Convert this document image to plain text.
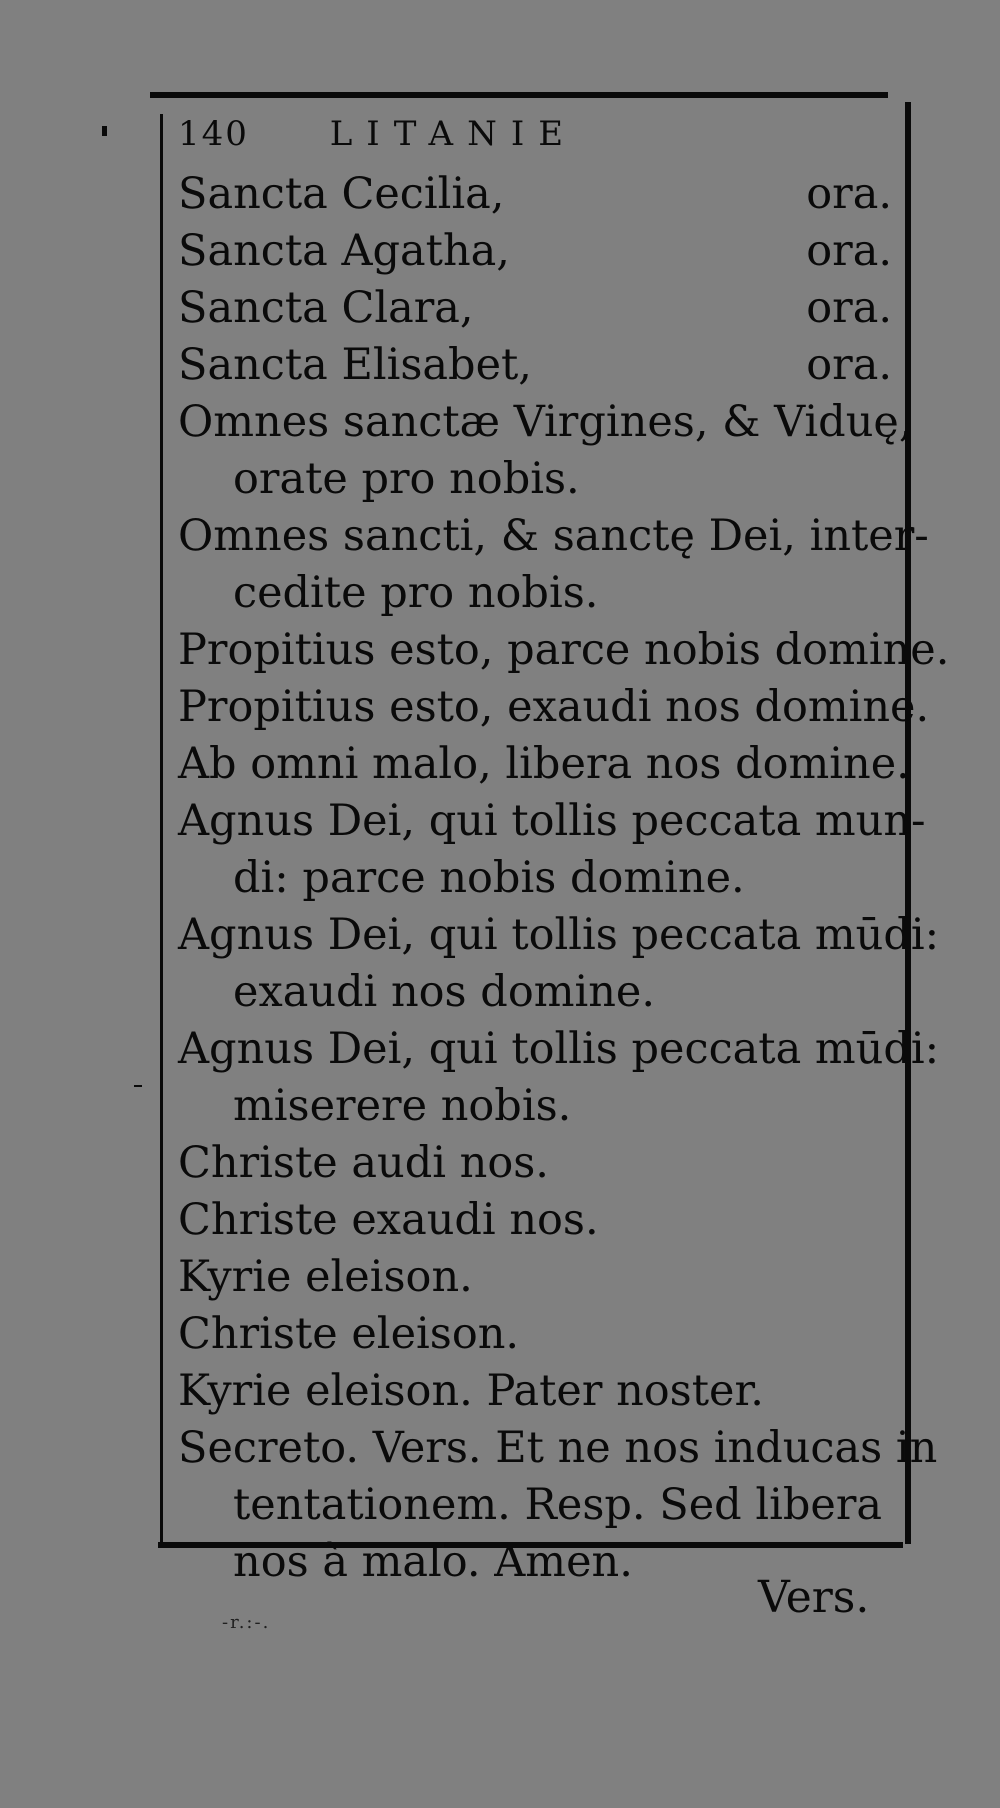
140 LITANIE
Sancta Cecilia,	ora.
Sancta Agatha,	ora.
Sancta Clara,	ora.
Sancta Elisabet,	ora.
Omnes sanctæ Virgines, & Viduę,
orate pro nobis.
Omnes sancti, & sanctę Dei, inter-
cedite pro nobis.
Propitius esto, parce nobis domine.
Propitius esto, exaudi nos domine.
Ab omni malo, libera nos domine.
Agnus Dei, qui tollis peccata mun-
di: parce nobis domine.
Agnus Dei, qui tollis peccata mūdi:
exaudi nos domine.
Agnus Dei, qui tollis peccata mūdi:
miserere nobis.
Christe audi nos.
Christe exaudi nos.
Kyrie eleison.
Christe eleison.
Kyrie eleison. Pater noster.
Secreto. Vers. Et ne nos inducas in
tentationem. Resp. Sed libera
nos à malo. Amen.
Vers.
-r.:-.
